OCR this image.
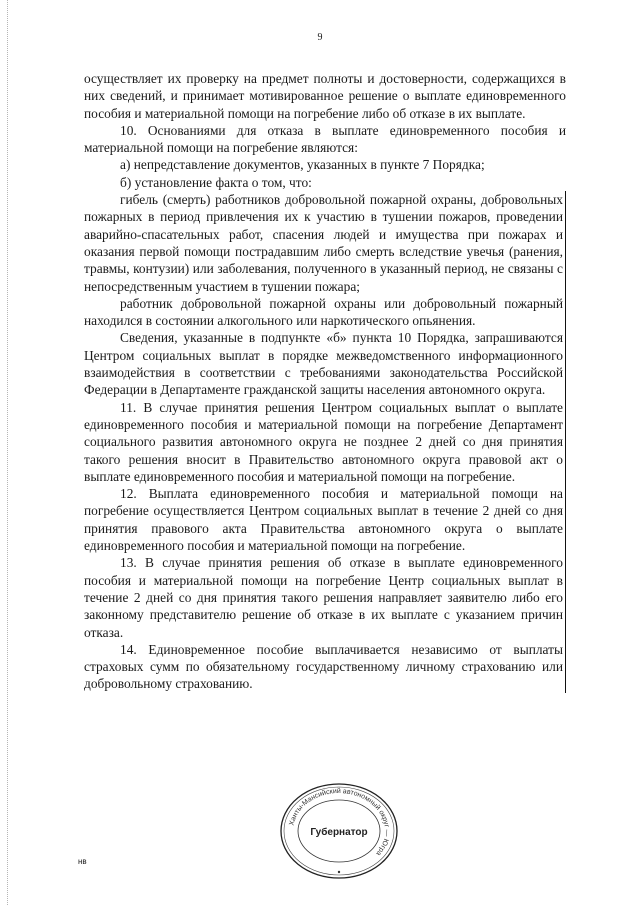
9

осуществляет их проверку на предмет полноты и достоверности, содержащихся в них сведений, и принимает мотивированное решение о выплате единовременного пособия и материальной помощи на погребение либо об отказе в их выплате.

10. Основаниями для отказа в выплате единовременного пособия и материальной помощи на погребение являются:

а) непредставление документов, указанных в пункте 7 Порядка;

б) установление факта о том, что:

гибель (смерть) работников добровольной пожарной охраны, добровольных пожарных в период привлечения их к участию в тушении пожаров, проведении аварийно-спасательных работ, спасения людей и имущества при пожарах и оказания первой помощи пострадавшим либо смерть вследствие увечья (ранения, травмы, контузии) или заболевания, полученного в указанный период, не связаны с непосредственным участием в тушении пожара;

работник добровольной пожарной охраны или добровольный пожарный находился в состоянии алкогольного или наркотического опьянения.

Сведения, указанные в подпункте «б» пункта 10 Порядка, запрашиваются Центром социальных выплат в порядке межведомственного информационного взаимодействия в соответствии с требованиями законодательства Российской Федерации в Департаменте гражданской защиты населения автономного округа.

11. В случае принятия решения Центром социальных выплат о выплате единовременного пособия и материальной помощи на погребение Департамент социального развития автономного округа не позднее 2 дней со дня принятия такого решения вносит в Правительство автономного округа правовой акт о выплате единовременного пособия и материальной помощи на погребение.

12. Выплата единовременного пособия и материальной помощи на погребение осуществляется Центром социальных выплат в течение 2 дней со дня принятия правового акта Правительства автономного округа о выплате единовременного пособия и материальной помощи на погребение.

13. В случае принятия решения об отказе в выплате единовременного пособия и материальной помощи на погребение Центр социальных выплат в течение 2 дней со дня принятия такого решения направляет заявителю либо его законному представителю решение об отказе в их выплате с указанием причин отказа.

14. Единовременное пособие выплачивается независимо от выплаты страховых сумм по обязательному государственному личному страхованию или добровольному страхованию.

Ханты-Мансийский автономный округ — Югра
Губернатор
нв
